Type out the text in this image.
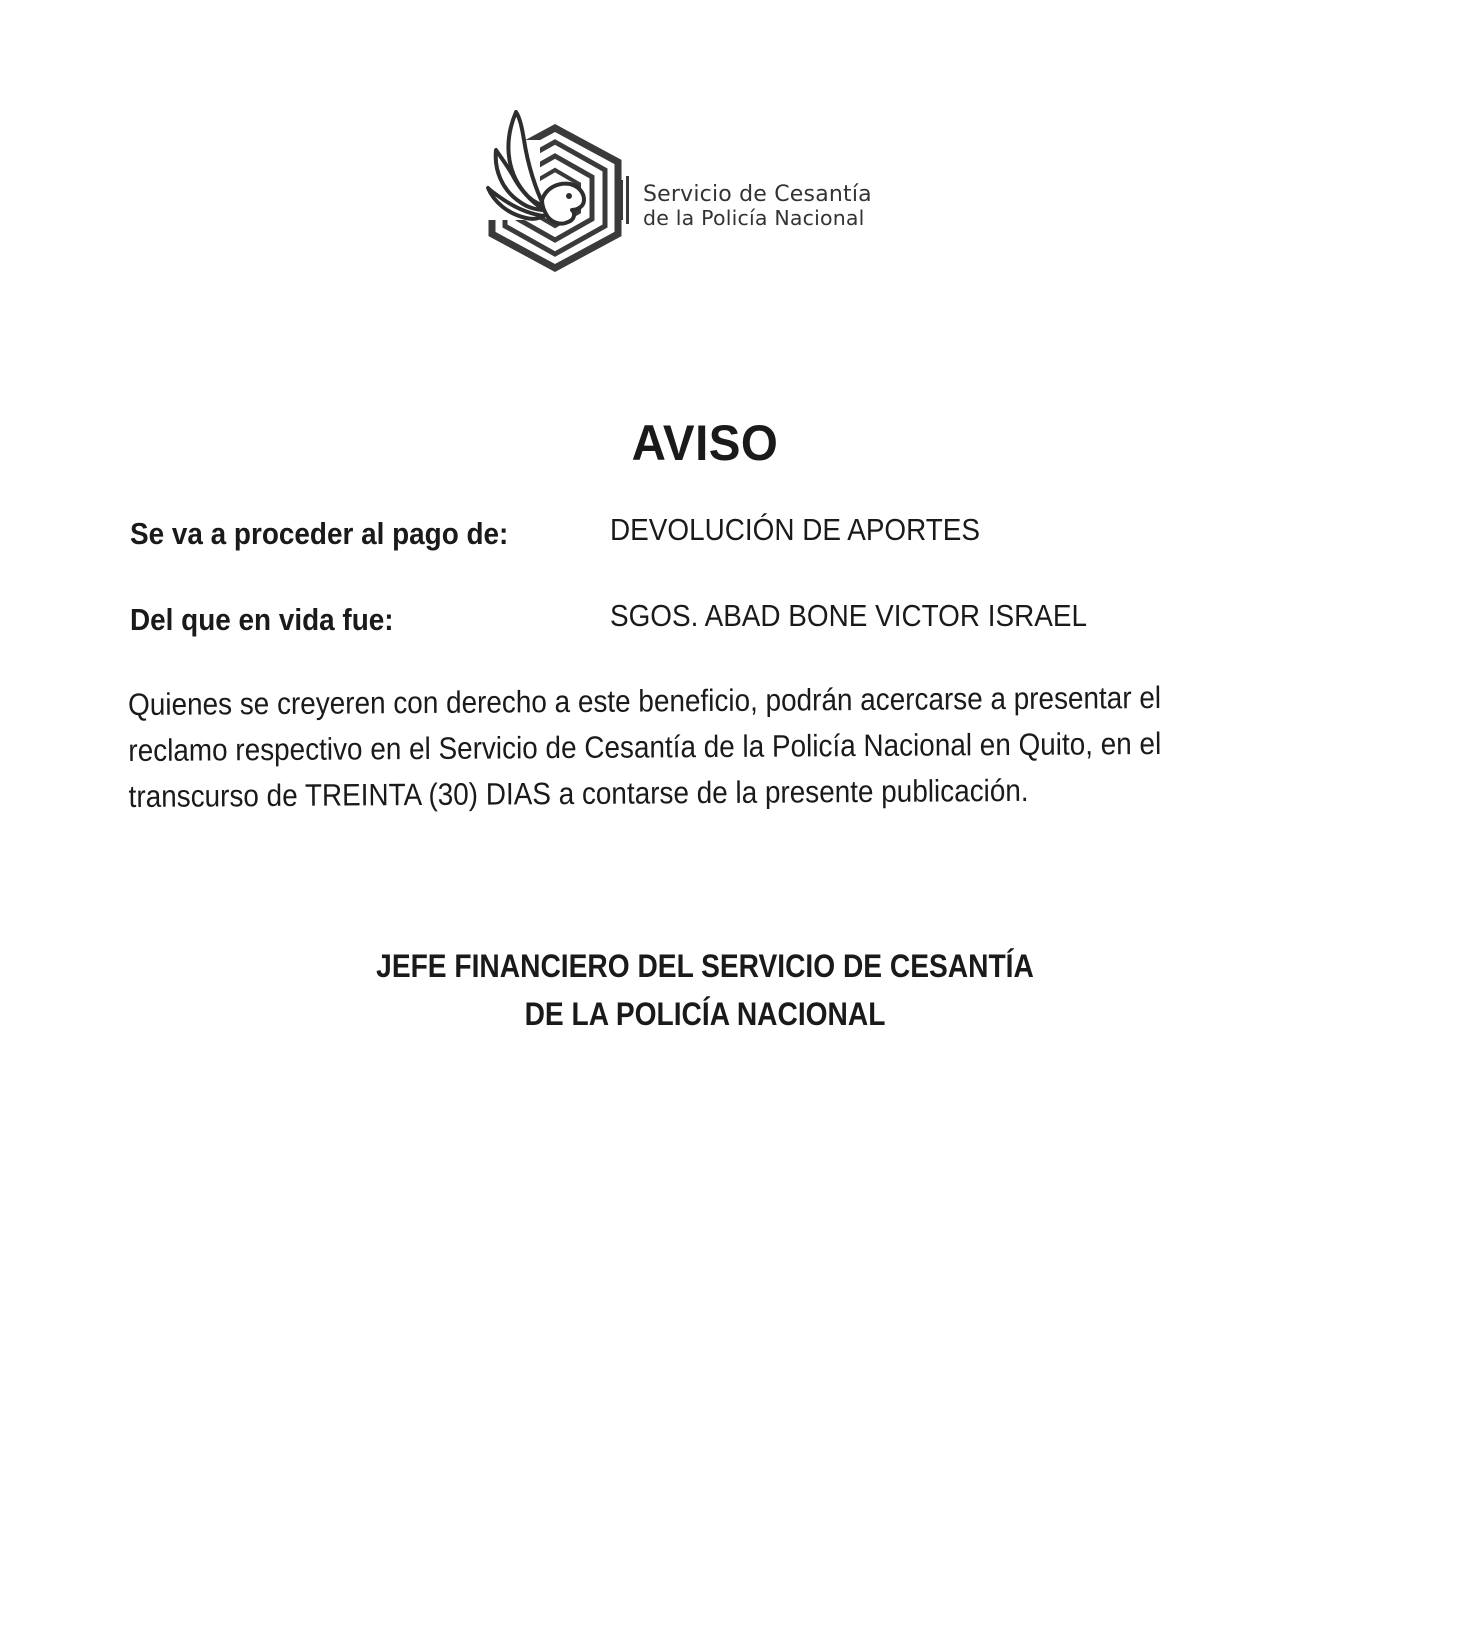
Servicio de Cesantía
de la Policía Nacional
AVISO
Se va a proceder al pago de:	DEVOLUCIÓN DE APORTES
Del que en vida fue:	SGOS. ABAD BONE VICTOR ISRAEL
Quienes se creyeren con derecho a este beneficio, podrán acercarse a presentar el
reclamo respectivo en el Servicio de Cesantía de la Policía Nacional en Quito, en el
transcurso de TREINTA (30) DIAS a contarse de la presente publicación.
JEFE FINANCIERO DEL SERVICIO DE CESANTÍA
DE LA POLICÍA NACIONAL
